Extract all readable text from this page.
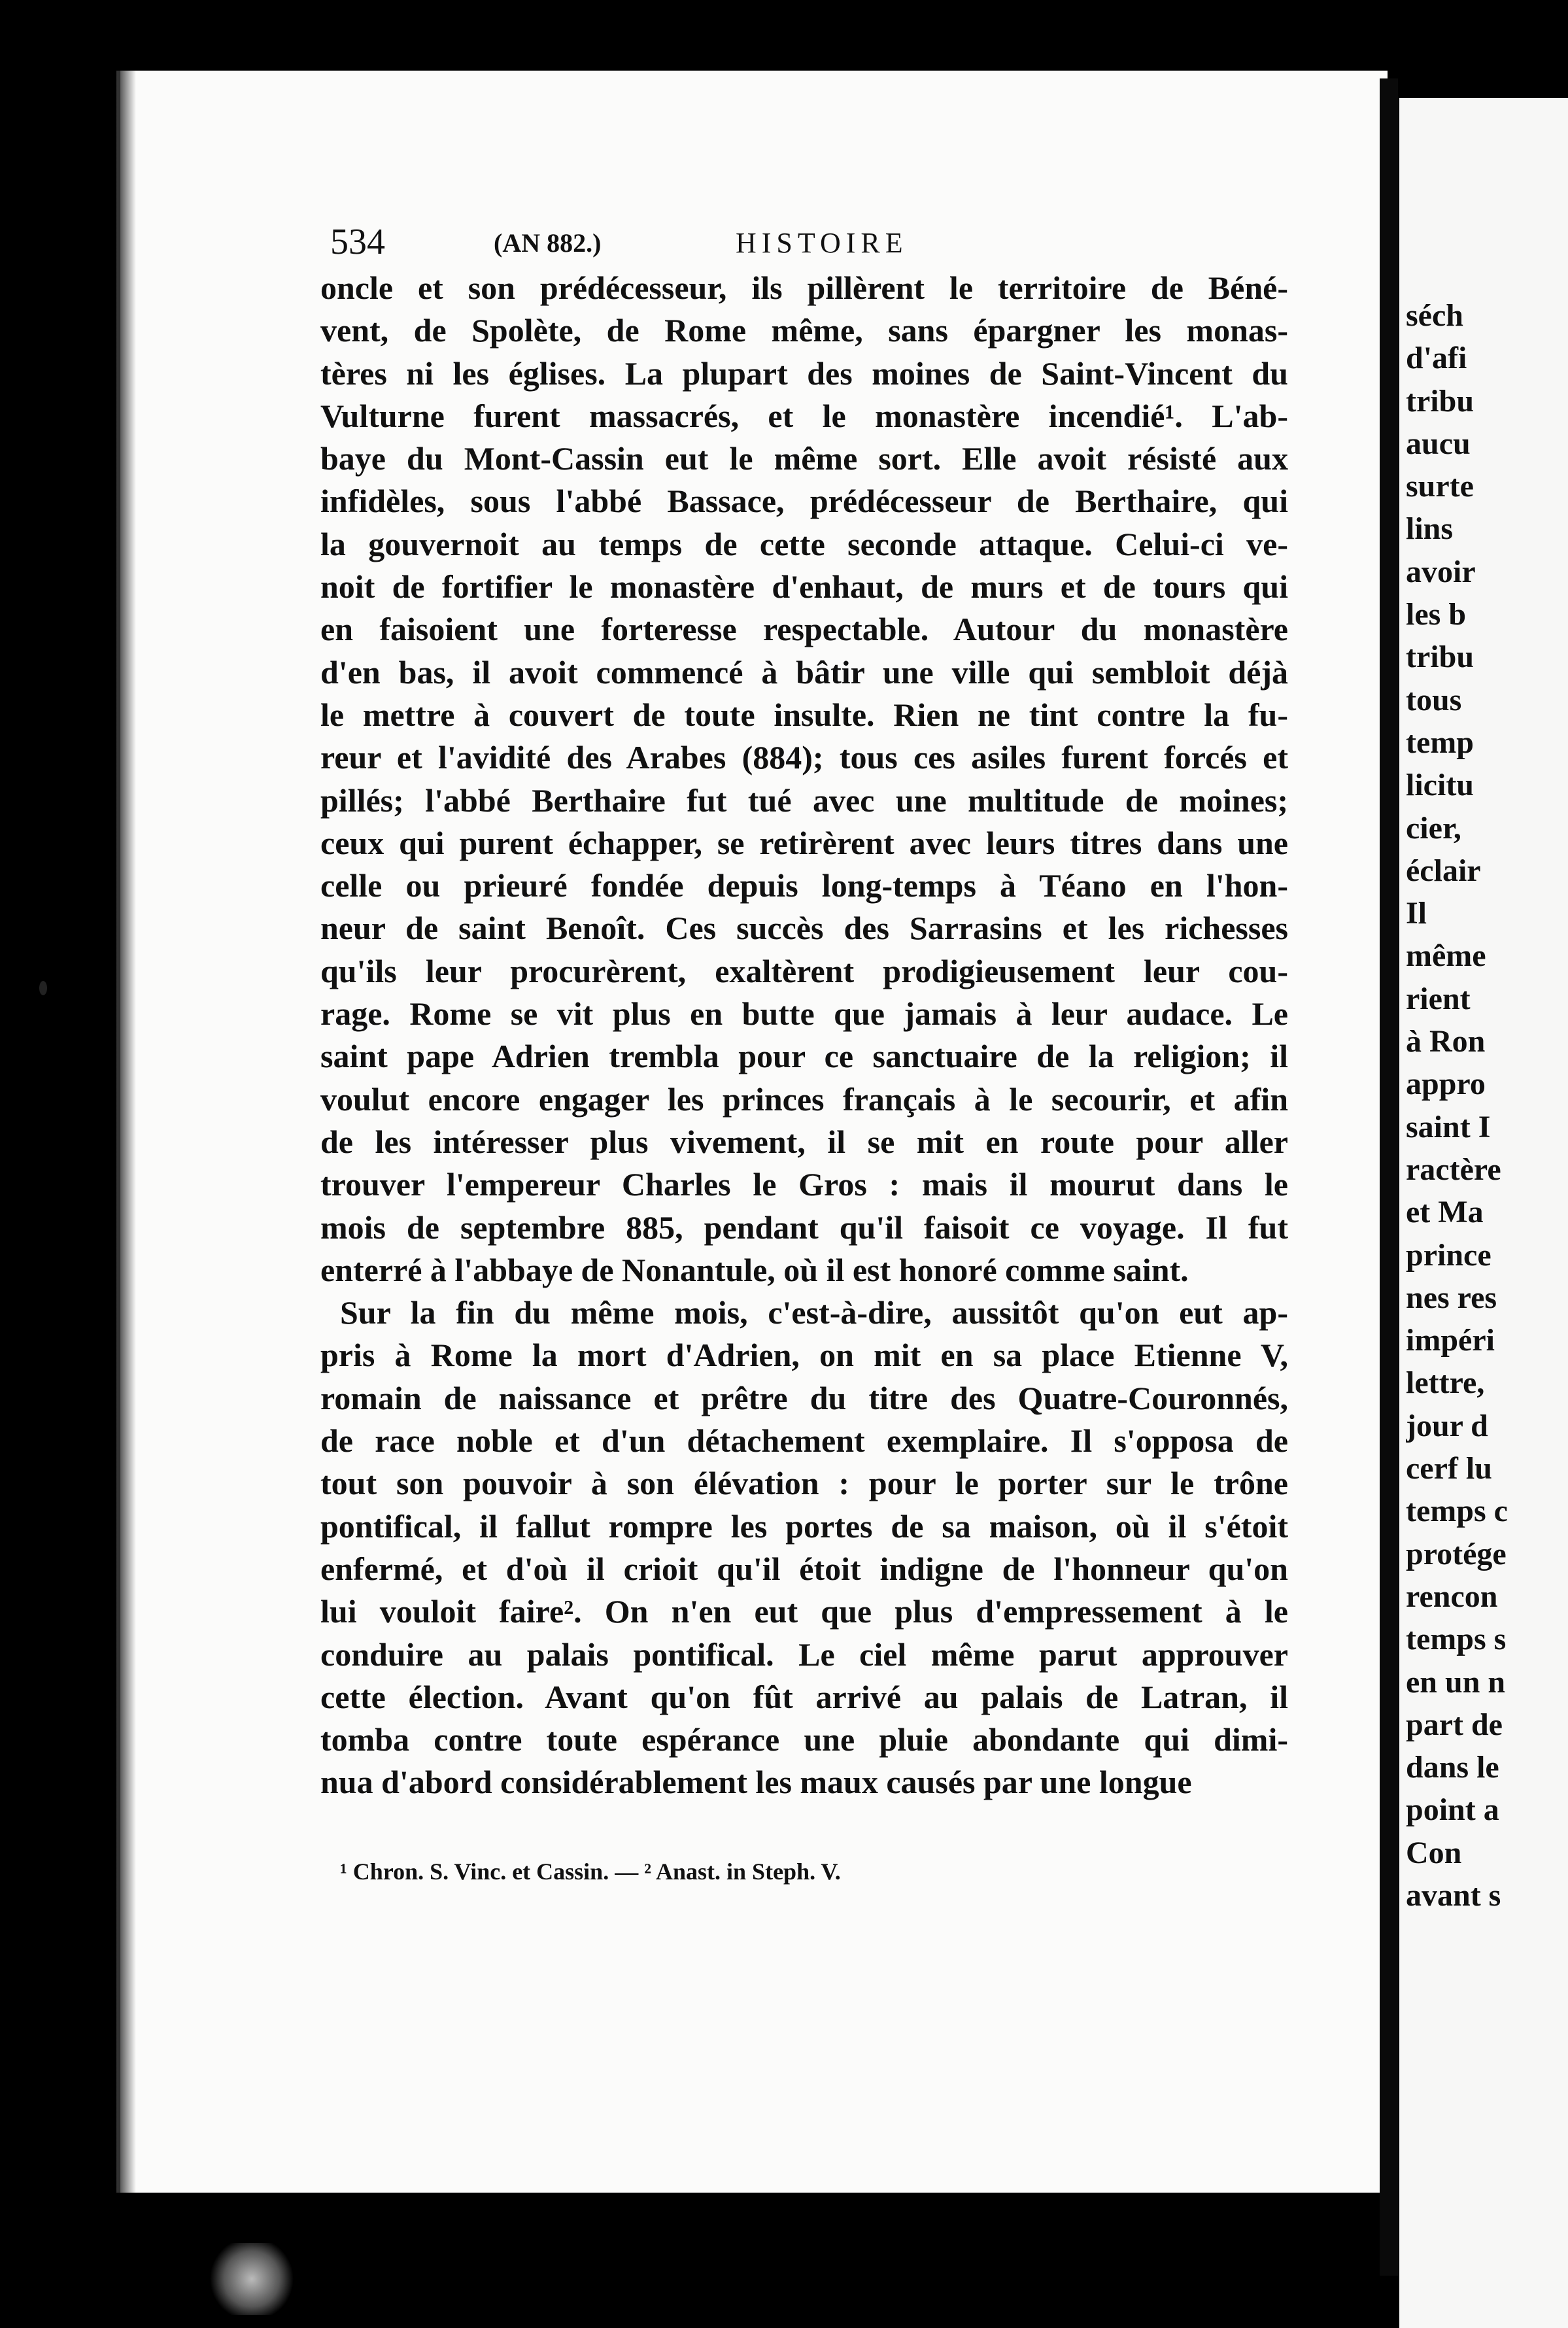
534	(AN 882.)	HISTOIRE
oncle et son prédécesseur, ils pillèrent le territoire de Béné-
vent, de Spolète, de Rome même, sans épargner les monas-
tères ni les églises. La plupart des moines de Saint-Vincent du
Vulturne furent massacrés, et le monastère incendié¹. L'ab-
baye du Mont-Cassin eut le même sort. Elle avoit résisté aux
infidèles, sous l'abbé Bassace, prédécesseur de Berthaire, qui
la gouvernoit au temps de cette seconde attaque. Celui-ci ve-
noit de fortifier le monastère d'enhaut, de murs et de tours qui
en faisoient une forteresse respectable. Autour du monastère
d'en bas, il avoit commencé à bâtir une ville qui sembloit déjà
le mettre à couvert de toute insulte. Rien ne tint contre la fu-
reur et l'avidité des Arabes (884); tous ces asiles furent forcés et
pillés; l'abbé Berthaire fut tué avec une multitude de moines;
ceux qui purent échapper, se retirèrent avec leurs titres dans une
celle ou prieuré fondée depuis long-temps à Téano en l'hon-
neur de saint Benoît. Ces succès des Sarrasins et les richesses
qu'ils leur procurèrent, exaltèrent prodigieusement leur cou-
rage. Rome se vit plus en butte que jamais à leur audace. Le
saint pape Adrien trembla pour ce sanctuaire de la religion; il
voulut encore engager les princes français à le secourir, et afin
de les intéresser plus vivement, il se mit en route pour aller
trouver l'empereur Charles le Gros : mais il mourut dans le
mois de septembre 885, pendant qu'il faisoit ce voyage. Il fut
enterré à l'abbaye de Nonantule, où il est honoré comme saint.
Sur la fin du même mois, c'est-à-dire, aussitôt qu'on eut ap-
pris à Rome la mort d'Adrien, on mit en sa place Etienne V,
romain de naissance et prêtre du titre des Quatre-Couronnés,
de race noble et d'un détachement exemplaire. Il s'opposa de
tout son pouvoir à son élévation : pour le porter sur le trône
pontifical, il fallut rompre les portes de sa maison, où il s'étoit
enfermé, et d'où il crioit qu'il étoit indigne de l'honneur qu'on
lui vouloit faire². On n'en eut que plus d'empressement à le
conduire au palais pontifical. Le ciel même parut approuver
cette élection. Avant qu'on fût arrivé au palais de Latran, il
tomba contre toute espérance une pluie abondante qui dimi-
nua d'abord considérablement les maux causés par une longue
¹ Chron. S. Vinc. et Cassin. — ² Anast. in Steph. V.
séch
d'afi
tribu
aucu
surte
lins
avoir
les b
tribu
tous
temp
licitu
cier,
éclair
Il
même
rient
à Ron
appro
saint I
ractère
et Ma
prince
nes res
impéri
lettre,
jour d
cerf lu
temps c
protége
rencon
temps s
en un n
part de
dans le
point a
Con
avant s
